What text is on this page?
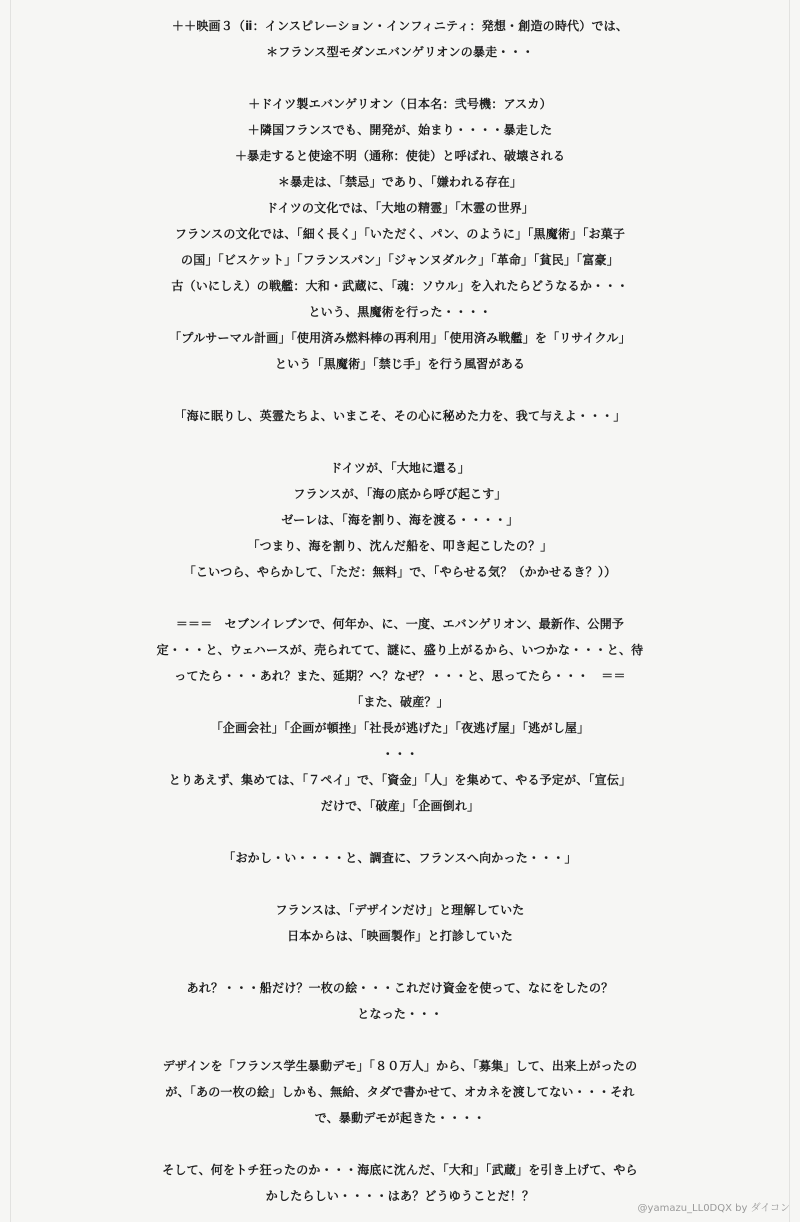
＋＋映画３（ⅱ：インスピレーション・インフィニティ：発想・創造の時代）では、
＊フランス型モダンエバンゲリオンの暴走・・・
＋ドイツ製エバンゲリオン（日本名：弐号機：アスカ）
＋隣国フランスでも、開発が、始まり・・・・暴走した
＋暴走すると使途不明（通称：使徒）と呼ばれ、破壊される
＊暴走は、「禁忌」であり、「嫌われる存在」
ドイツの文化では、「大地の精霊」「木霊の世界」
フランスの文化では、「細く長く」「いただく、パン、のように」「黒魔術」「お菓子
の国」「ビスケット」「フランスパン」「ジャンヌダルク」「革命」「貧民」「富豪」
古（いにしえ）の戦艦：大和・武蔵に、「魂：ソウル」を入れたらどうなるか・・・
という、黒魔術を行った・・・・
「プルサーマル計画」「使用済み燃料棒の再利用」「使用済み戦艦」を「リサイクル」
という「黒魔術」「禁じ手」を行う風習がある
「海に眠りし、英霊たちよ、いまこそ、その心に秘めた力を、我て与えよ・・・」
ドイツが、「大地に還る」
フランスが、「海の底から呼び起こす」
ゼーレは、「海を割り、海を渡る・・・・」
「つまり、海を割り、沈んだ船を、叩き起こしたの？」
「こいつら、やらかして、「ただ：無料」で、「やらせる気？（かかせるき？））
＝＝＝　セブンイレブンで、何年か、に、一度、エバンゲリオン、最新作、公開予
定・・・と、ウェハースが、売られてて、謎に、盛り上がるから、いつかな・・・と、待
ってたら・・・あれ？また、延期？へ？なぜ？・・・と、思ってたら・・・　＝＝
「また、破産？」
「企画会社」「企画が頓挫」「社長が逃げた」「夜逃げ屋」「逃がし屋」
・・・
とりあえず、集めては、「７ペイ」で、「資金」「人」を集めて、やる予定が、「宣伝」
だけで、「破産」「企画倒れ」
「おかし・い・・・・と、調査に、フランスへ向かった・・・」
フランスは、「デザインだけ」と理解していた
日本からは、「映画製作」と打診していた
あれ？・・・船だけ？一枚の絵・・・これだけ資金を使って、なにをしたの？
となった・・・
デザインを「フランス学生暴動デモ」「８０万人」から、「募集」して、出来上がったの
が、「あの一枚の絵」しかも、無給、タダで書かせて、オカネを渡してない・・・それ
で、暴動デモが起きた・・・・
そして、何をトチ狂ったのか・・・海底に沈んだ、「大和」「武蔵」を引き上げて、やら
かしたらしい・・・・はあ？どうゆうことだ！？
@yamazu_LL0DQX by ダイコン
